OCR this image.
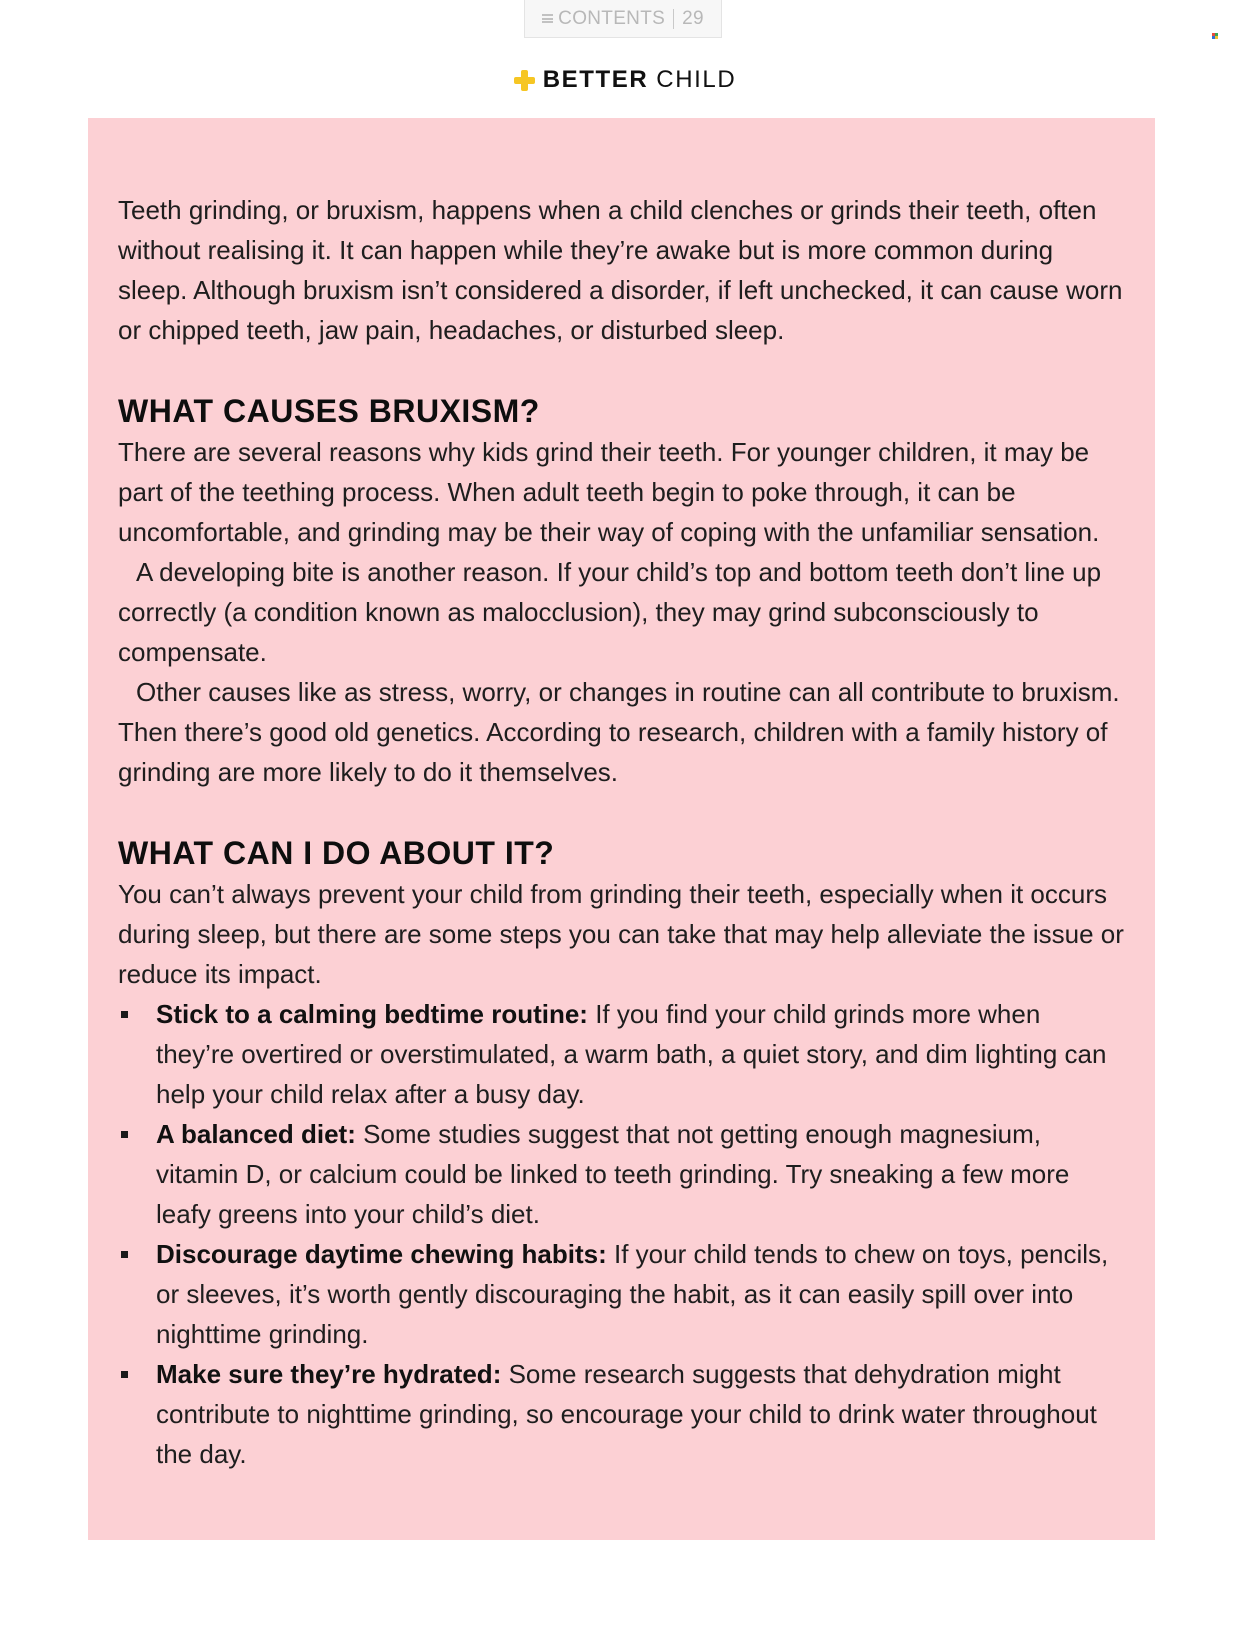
CONTENTS 29
BETTER CHILD

Teeth grinding, or bruxism, happens when a child clenches or grinds their teeth, often without realising it. It can happen while they’re awake but is more common during sleep. Although bruxism isn’t considered a disorder, if left unchecked, it can cause worn or chipped teeth, jaw pain, headaches, or disturbed sleep.

WHAT CAUSES BRUXISM?

There are several reasons why kids grind their teeth. For younger children, it may be part of the teething process. When adult teeth begin to poke through, it can be uncomfortable, and grinding may be their way of coping with the unfamiliar sensation.

A developing bite is another reason. If your child’s top and bottom teeth don’t line up correctly (a condition known as malocclusion), they may grind subconsciously to compensate.

Other causes like as stress, worry, or changes in routine can all contribute to bruxism. Then there’s good old genetics. According to research, children with a family history of grinding are more likely to do it themselves.

WHAT CAN I DO ABOUT IT?

You can’t always prevent your child from grinding their teeth, especially when it occurs during sleep, but there are some steps you can take that may help alleviate the issue or reduce its impact.

Stick to a calming bedtime routine: If you find your child grinds more when they’re overtired or overstimulated, a warm bath, a quiet story, and dim lighting can help your child relax after a busy day.
A balanced diet: Some studies suggest that not getting enough magnesium, vitamin D, or calcium could be linked to teeth grinding. Try sneaking a few more leafy greens into your child’s diet.
Discourage daytime chewing habits: If your child tends to chew on toys, pencils, or sleeves, it’s worth gently discouraging the habit, as it can easily spill over into nighttime grinding.
Make sure they’re hydrated: Some research suggests that dehydration might contribute to nighttime grinding, so encourage your child to drink water throughout the day.
